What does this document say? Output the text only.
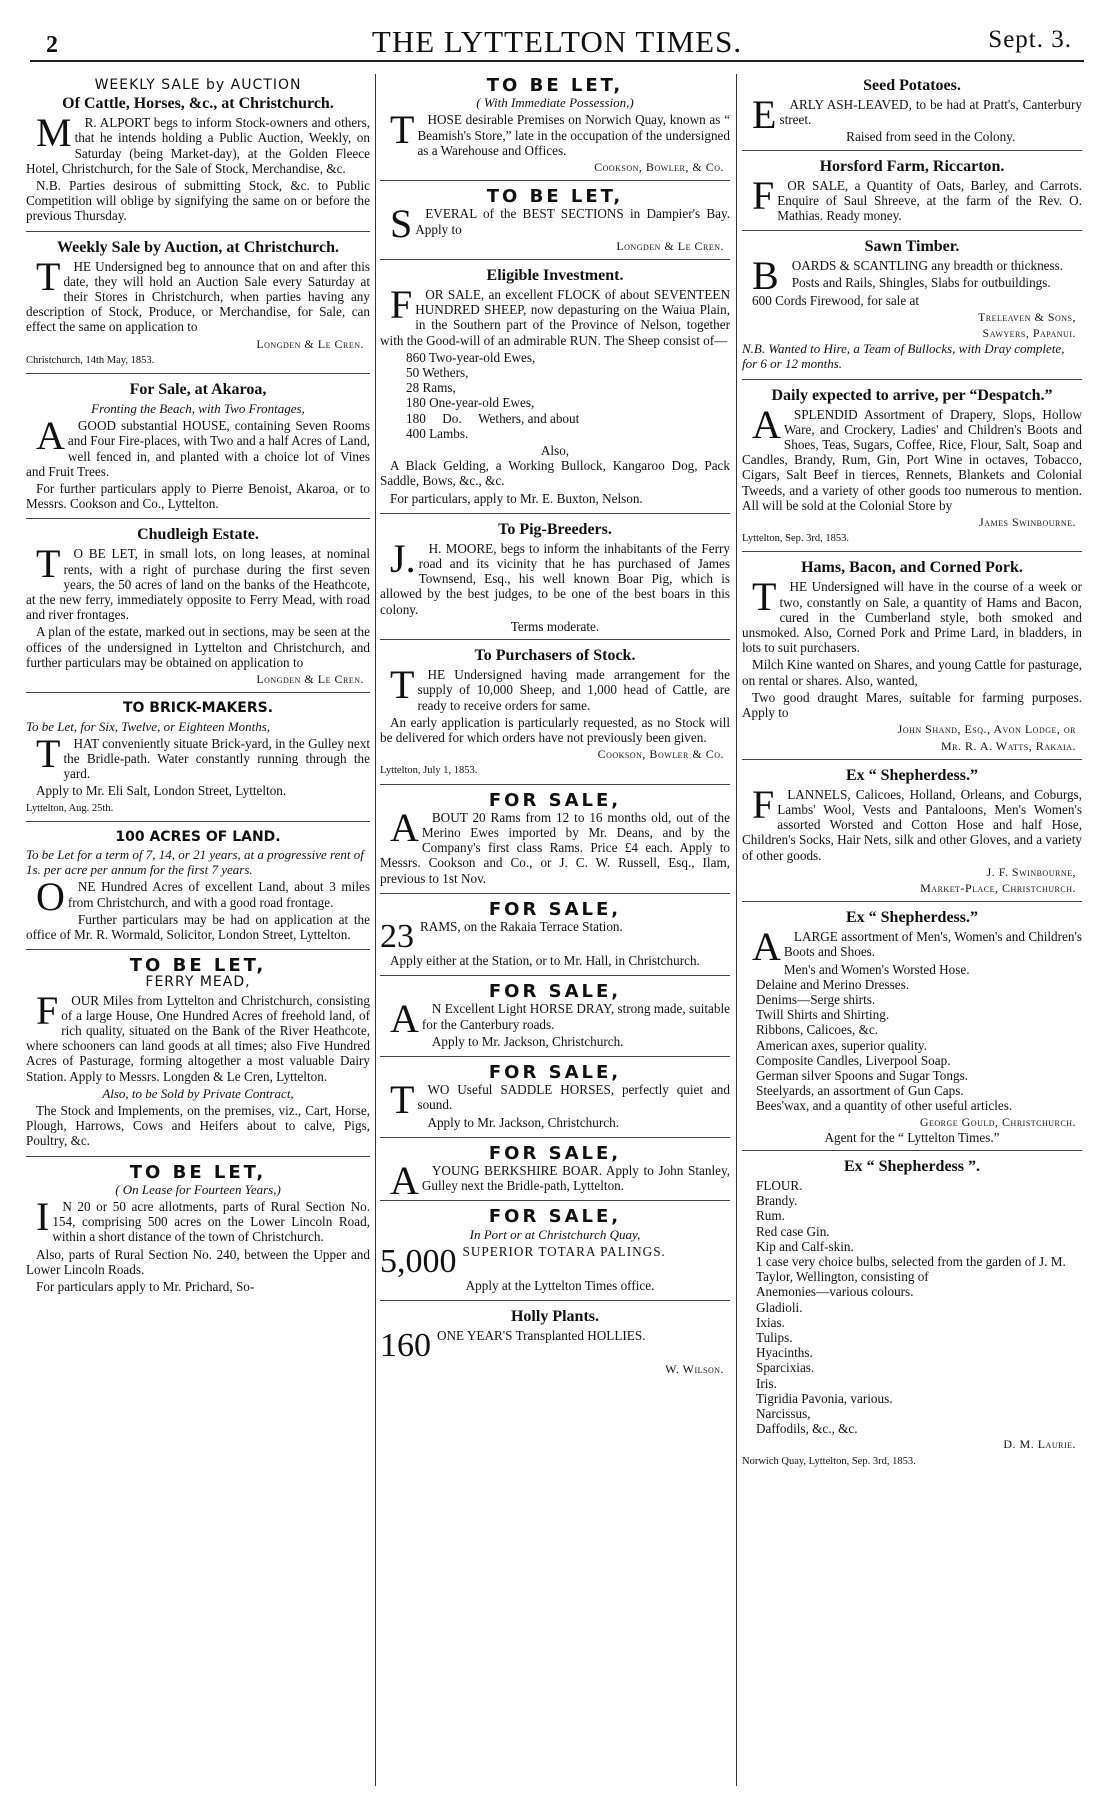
2	THE LYTTELTON TIMES.	Sept. 3.
WEEKLY SALE by AUCTION
Of Cattle, Horses, &c., at Christchurch.

MR. ALPORT begs to inform Stock-owners and others, that he intends holding a Public Auction, Weekly, on Saturday (being Market-day), at the Golden Fleece Hotel, Christchurch, for the Sale of Stock, Merchandise, &c.

N.B. Parties desirous of submitting Stock, &c. to Public Competition will oblige by signifying the same on or before the previous Thursday.

Weekly Sale by Auction, at Christchurch.

THE Undersigned beg to announce that on and after this date, they will hold an Auction Sale every Saturday at their Stores in Christchurch, when parties having any description of Stock, Produce, or Merchandise, for Sale, can effect the same on application to

Longden & Le Cren.
Christchurch, 14th May, 1853.
For Sale, at Akaroa,
Fronting the Beach, with Two Frontages,

AGOOD substantial HOUSE, containing Seven Rooms and Four Fire-places, with Two and a half Acres of Land, well fenced in, and planted with a choice lot of Vines and Fruit Trees.

For further particulars apply to Pierre Benoist, Akaroa, or to Messrs. Cookson and Co., Lyttelton.

Chudleigh Estate.

TO BE LET, in small lots, on long leases, at nominal rents, with a right of purchase during the first seven years, the 50 acres of land on the banks of the Heathcote, at the new ferry, immediately opposite to Ferry Mead, with road and river frontages.

A plan of the estate, marked out in sections, may be seen at the offices of the undersigned in Lyttelton and Christchurch, and further particulars may be obtained on application to

Longden & Le Cren.
TO BRICK-MAKERS.
To be Let, for Six, Twelve, or Eighteen Months,

THAT conveniently situate Brick-yard, in the Gulley next the Bridle-path. Water constantly running through the yard.

Apply to Mr. Eli Salt, London Street, Lyttelton.

Lyttelton, Aug. 25th.
100 ACRES OF LAND.
To be Let for a term of 7, 14, or 21 years, at a progressive rent of 1s. per acre per annum for the first 7 years.

ONE Hundred Acres of excellent Land, about 3 miles from Christchurch, and with a good road frontage.

Further particulars may be had on application at the office of Mr. R. Wormald, Solicitor, London Street, Lyttelton.

TO BE LET,
FERRY MEAD,

FOUR Miles from Lyttelton and Christchurch, consisting of a large House, One Hundred Acres of freehold land, of rich quality, situated on the Bank of the River Heathcote, where schooners can land goods at all times; also Five Hundred Acres of Pasturage, forming altogether a most valuable Dairy Station. Apply to Messrs. Longden & Le Cren, Lyttelton.

Also, to be Sold by Private Contract,

The Stock and Implements, on the premises, viz., Cart, Horse, Plough, Harrows, Cows and Heifers about to calve, Pigs, Poultry, &c.

TO BE LET,
( On Lease for Fourteen Years,)

IN 20 or 50 acre allotments, parts of Rural Section No. 154, comprising 500 acres on the Lower Lincoln Road, within a short distance of the town of Christchurch.

Also, parts of Rural Section No. 240, between the Upper and Lower Lincoln Roads.

For particulars apply to Mr. Prichard, So-

TO BE LET,
( With Immediate Possession,)

THOSE desirable Premises on Norwich Quay, known as “ Beamish's Store,” late in the occupation of the undersigned as a Warehouse and Offices.

Cookson, Bowler, & Co.
TO BE LET,

SEVERAL of the BEST SECTIONS in Dampier's Bay. Apply to

Longden & Le Cren.
Eligible Investment.

FOR SALE, an excellent FLOCK of about SEVENTEEN HUNDRED SHEEP, now depasturing on the Waiua Plain, in the Southern part of the Province of Nelson, together with the Good-will of an admirable RUN. The Sheep consist of—

860 Two-year-old Ewes,
50 Wethers,
28 Rams,
180 One-year-old Ewes,
180     Do.     Wethers, and about
400 Lambs.
Also,

A Black Gelding, a Working Bullock, Kangaroo Dog, Pack Saddle, Bows, &c., &c.

For particulars, apply to Mr. E. Buxton, Nelson.

To Pig-Breeders.

J.H. MOORE, begs to inform the inhabitants of the Ferry road and its vicinity that he has purchased of James Townsend, Esq., his well known Boar Pig, which is allowed by the best judges, to be one of the best boars in this colony.

Terms moderate.
To Purchasers of Stock.

THE Undersigned having made arrangement for the supply of 10,000 Sheep, and 1,000 head of Cattle, are ready to receive orders for same.

An early application is particularly requested, as no Stock will be delivered for which orders have not previously been given.

Cookson, Bowler & Co.
Lyttelton, July 1, 1853.
FOR SALE,

ABOUT 20 Rams from 12 to 16 months old, out of the Merino Ewes imported by Mr. Deans, and by the Company's first class Rams. Price £4 each. Apply to Messrs. Cookson and Co., or J. C. W. Russell, Esq., Ilam, previous to 1st Nov.

FOR SALE,
23 RAMS, on the Rakaia Terrace Station.

Apply either at the Station, or to Mr. Hall, in Christchurch.

FOR SALE,

AN Excellent Light HORSE DRAY, strong made, suitable for the Canterbury roads.

Apply to Mr. Jackson, Christchurch.

FOR SALE,

TWO Useful SADDLE HORSES, perfectly quiet and sound.

Apply to Mr. Jackson, Christchurch.

FOR SALE,

AYOUNG BERKSHIRE BOAR. Apply to John Stanley, Gulley next the Bridle-path, Lyttelton.

FOR SALE,
In Port or at Christchurch Quay,
5,000 SUPERIOR TOTARA PALINGS.

Apply at the Lyttelton Times office.

Holly Plants.
160 ONE YEAR'S Transplanted HOLLIES.

W. Wilson.
Seed Potatoes.

EARLY ASH-LEAVED, to be had at Pratt's, Canterbury street.

Raised from seed in the Colony.
Horsford Farm, Riccarton.

FOR SALE, a Quantity of Oats, Barley, and Carrots. Enquire of Saul Shreeve, at the farm of the Rev. O. Mathias. Ready money.

Sawn Timber.

BOARDS & SCANTLING any breadth or thickness.

Posts and Rails, Shingles, Slabs for outbuildings.

600 Cords Firewood, for sale at

Treleaven & Sons,
Sawyers, Papanui.
N.B. Wanted to Hire, a Team of Bullocks, with Dray complete, for 6 or 12 months.
Daily expected to arrive, per “Despatch.”

ASPLENDID Assortment of Drapery, Slops, Hollow Ware, and Crockery, Ladies' and Children's Boots and Shoes, Teas, Sugars, Coffee, Rice, Flour, Salt, Soap and Candles, Brandy, Rum, Gin, Port Wine in octaves, Tobacco, Cigars, Salt Beef in tierces, Rennets, Blankets and Colonial Tweeds, and a variety of other goods too numerous to mention. All will be sold at the Colonial Store by

James Swinbourne.
Lyttelton, Sep. 3rd, 1853.
Hams, Bacon, and Corned Pork.

THE Undersigned will have in the course of a week or two, constantly on Sale, a quantity of Hams and Bacon, cured in the Cumberland style, both smoked and unsmoked. Also, Corned Pork and Prime Lard, in bladders, in lots to suit purchasers.

Milch Kine wanted on Shares, and young Cattle for pasturage, on rental or shares. Also, wanted,

Two good draught Mares, suitable for farming purposes. Apply to

John Shand, Esq., Avon Lodge, or
Mr. R. A. Watts, Rakaia.
Ex “ Shepherdess.”

FLANNELS, Calicoes, Holland, Orleans, and Coburgs, Lambs' Wool, Vests and Pantaloons, Men's Women's assorted Worsted and Cotton Hose and half Hose, Children's Socks, Hair Nets, silk and other Gloves, and a variety of other goods.

J. F. Swinbourne,
Market-Place, Christchurch.
Ex “ Shepherdess.”

ALARGE assortment of Men's, Women's and Children's Boots and Shoes.

Men's and Women's Worsted Hose.
Delaine and Merino Dresses.
Denims—Serge shirts.
Twill Shirts and Shirting.
Ribbons, Calicoes, &c.
American axes, superior quality.
Composite Candles, Liverpool Soap.
German silver Spoons and Sugar Tongs.
Steelyards, an assortment of Gun Caps.
Bees'wax, and a quantity of other useful articles.
George Gould, Christchurch.
Agent for the “ Lyttelton Times.”
Ex “ Shepherdess ”.
FLOUR.
Brandy.
Rum.
Red case Gin.
Kip and Calf-skin.
1 case very choice bulbs, selected from the garden of J. M. Taylor, Wellington, consisting of
Anemonies—various colours.
Gladioli.
Ixias.
Tulips.
Hyacinths.
Sparcixias.
Iris.
Tigridia Pavonia, various.
Narcissus,
Daffodils, &c., &c.
D. M. Laurie.
Norwich Quay, Lyttelton, Sep. 3rd, 1853.
